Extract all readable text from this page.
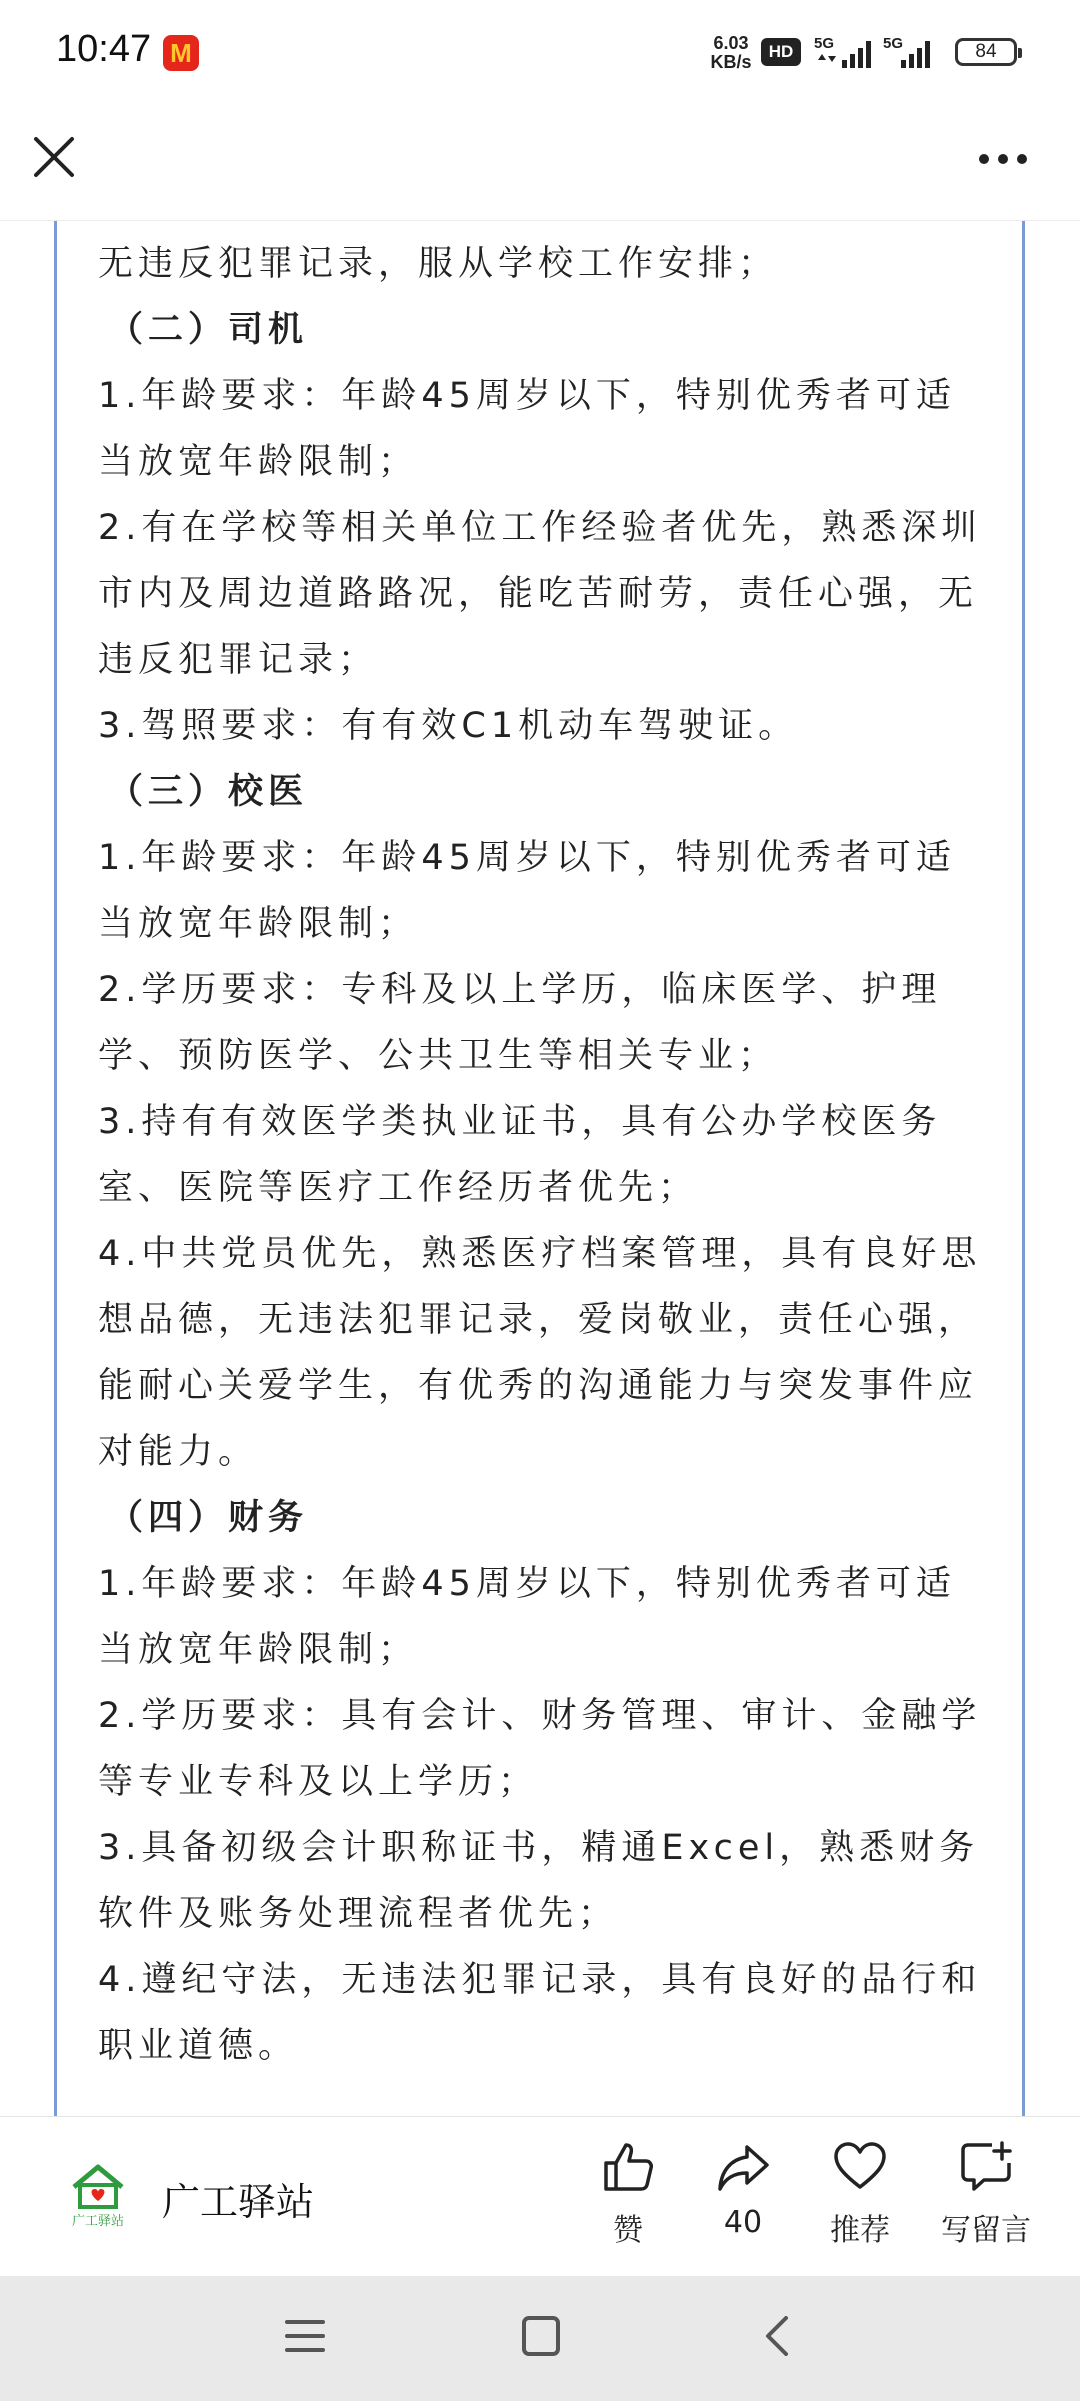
10:47 M	6.03
KB/s
HD	5G	5G	84

无违反犯罪记录，服从学校工作安排；

（二）司机

1.年龄要求：年龄45周岁以下，特别优秀者可适当放宽年龄限制；

2.有在学校等相关单位工作经验者优先，熟悉深圳市内及周边道路路况，能吃苦耐劳，责任心强，无违反犯罪记录；

3.驾照要求：有有效C1机动车驾驶证。

（三）校医

1.年龄要求：年龄45周岁以下，特别优秀者可适当放宽年龄限制；

2.学历要求：专科及以上学历，临床医学、护理学、预防医学、公共卫生等相关专业；

3.持有有效医学类执业证书，具有公办学校医务室、医院等医疗工作经历者优先；

4.中共党员优先，熟悉医疗档案管理，具有良好思想品德，无违法犯罪记录，爱岗敬业，责任心强，能耐心关爱学生，有优秀的沟通能力与突发事件应对能力。

（四）财务

1.年龄要求：年龄45周岁以下，特别优秀者可适当放宽年龄限制；

2.学历要求：具有会计、财务管理、审计、金融学等专业专科及以上学历；

3.具备初级会计职称证书，精通Excel，熟悉财务软件及账务处理流程者优先；

4.遵纪守法，无违法犯罪记录，具有良好的品行和职业道德。

广工驿站 广工驿站
赞	40	推荐	写留言
